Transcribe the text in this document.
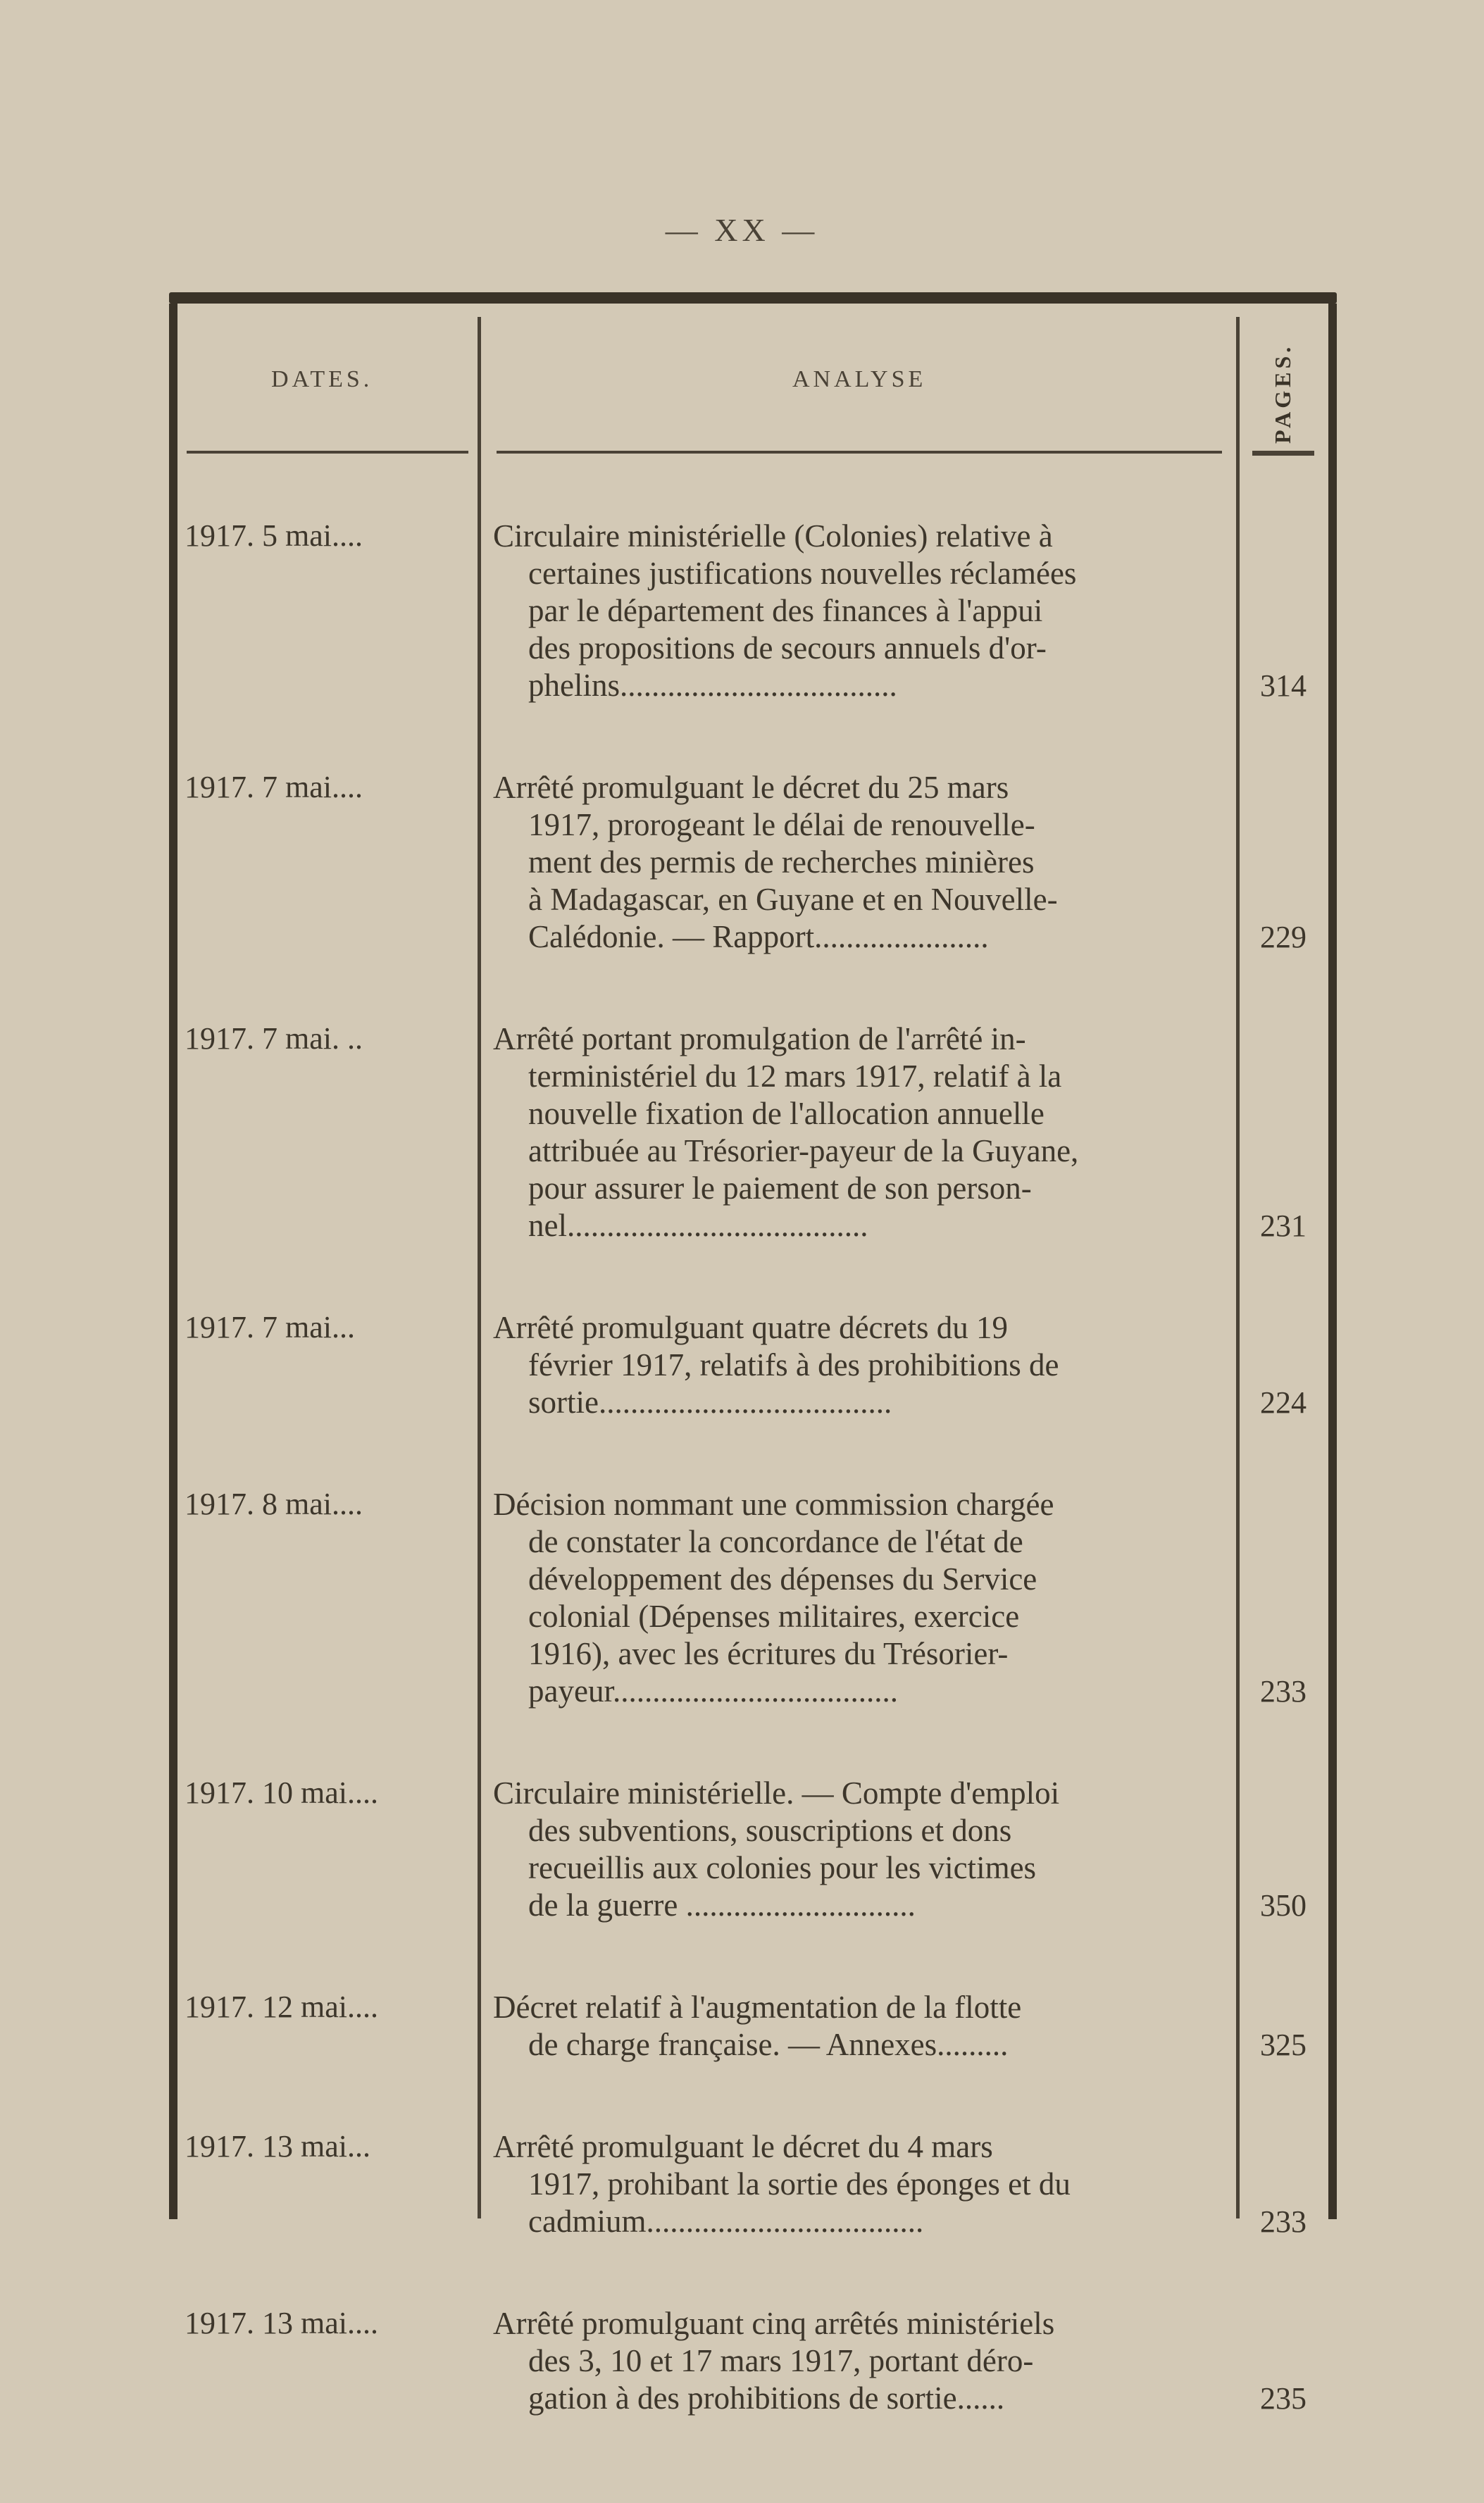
— XX —
DATES.	ANALYSE	PAGES.
1917. 5 mai....	Circulaire ministérielle (Colonies) relative à
certaines justifications nouvelles réclamées
par le département des finances à l'appui
des propositions de secours annuels d'or-
phelins...................................	314
1917. 7 mai....	Arrêté promulguant le décret du 25 mars
1917, prorogeant le délai de renouvelle-
ment des permis de recherches minières
à Madagascar, en Guyane et en Nouvelle-
Calédonie. — Rapport......................	229
1917. 7 mai. ..	Arrêté portant promulgation de l'arrêté in-
terministériel du 12 mars 1917, relatif à la
nouvelle fixation de l'allocation annuelle
attribuée au Trésorier-payeur de la Guyane,
pour assurer le paiement de son person-
nel......................................	231
1917. 7 mai...	Arrêté promulguant quatre décrets du 19
février 1917, relatifs à des prohibitions de
sortie.....................................	224
1917. 8 mai....	Décision nommant une commission chargée
de constater la concordance de l'état de
développement des dépenses du Service
colonial (Dépenses militaires, exercice
1916), avec les écritures du Trésorier-
payeur....................................	233
1917. 10 mai....	Circulaire ministérielle. — Compte d'emploi
des subventions, souscriptions et dons
recueillis aux colonies pour les victimes
de la guerre .............................	350
1917. 12 mai....	Décret relatif à l'augmentation de la flotte
de charge française. — Annexes.........	325
1917. 13 mai...	Arrêté promulguant le décret du 4 mars
1917, prohibant la sortie des éponges et du
cadmium...................................	233
1917. 13 mai....	Arrêté promulguant cinq arrêtés ministériels
des 3, 10 et 17 mars 1917, portant déro-
gation à des prohibitions de sortie......	235
